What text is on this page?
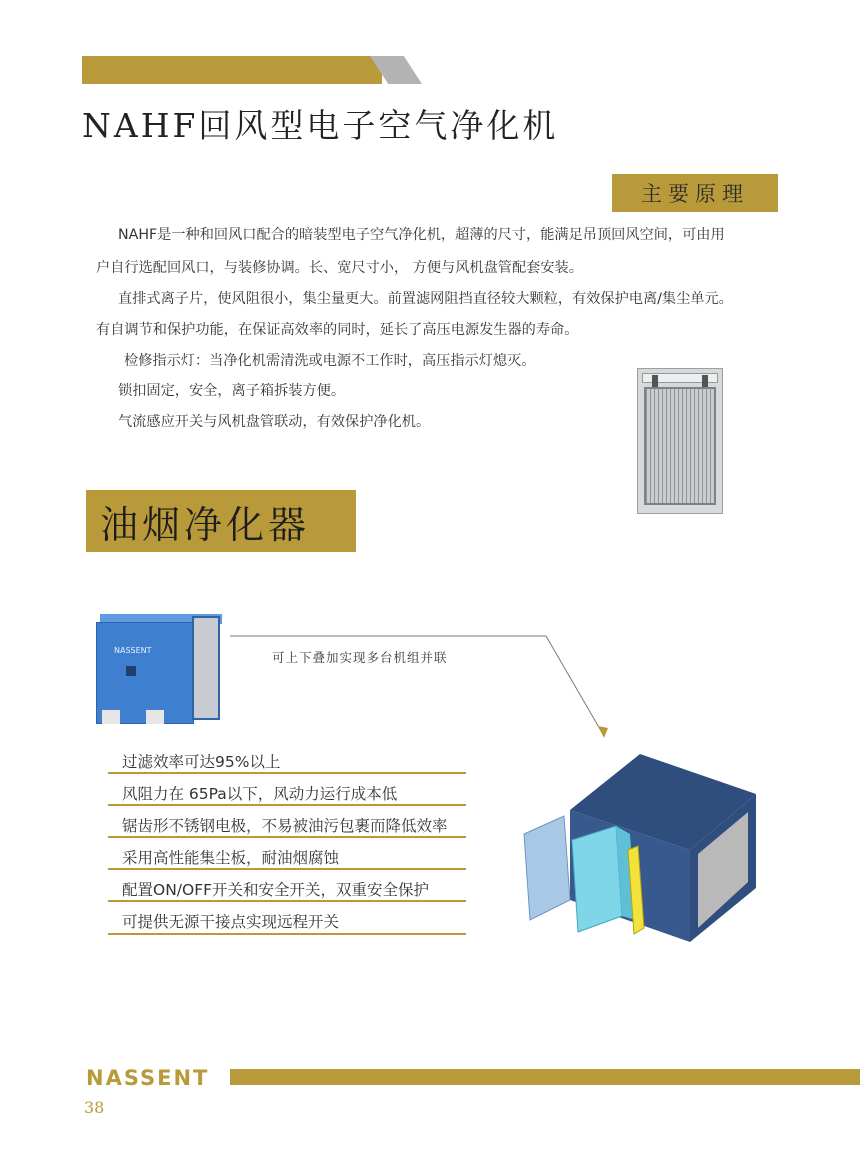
NAHF回风型电子空气净化机
主要原理
NAHF是一种和回风口配合的暗装型电子空气净化机，超薄的尺寸，能满足吊顶回风空间，可由用
户自行选配回风口，与装修协调。长、宽尺寸小， 方便与风机盘管配套安装。
直排式离子片，使风阻很小，集尘量更大。前置滤网阻挡直径较大颗粒，有效保护电离/集尘单元。
有自调节和保护功能，在保证高效率的同时，延长了高压电源发生器的寿命。
检修指示灯：当净化机需清洗或电源不工作时，高压指示灯熄灭。
锁扣固定，安全，离子箱拆装方便。
气流感应开关与风机盘管联动，有效保护净化机。
油烟净化器
NASSENT	可上下叠加实现多台机组并联
过滤效率可达95%以上
风阻力在 65Pa以下，风动力运行成本低
锯齿形不锈钢电极，不易被油污包裹而降低效率
采用高性能集尘板，耐油烟腐蚀
配置ON/OFF开关和安全开关，双重安全保护
可提供无源干接点实现远程开关
NASSENT
38
